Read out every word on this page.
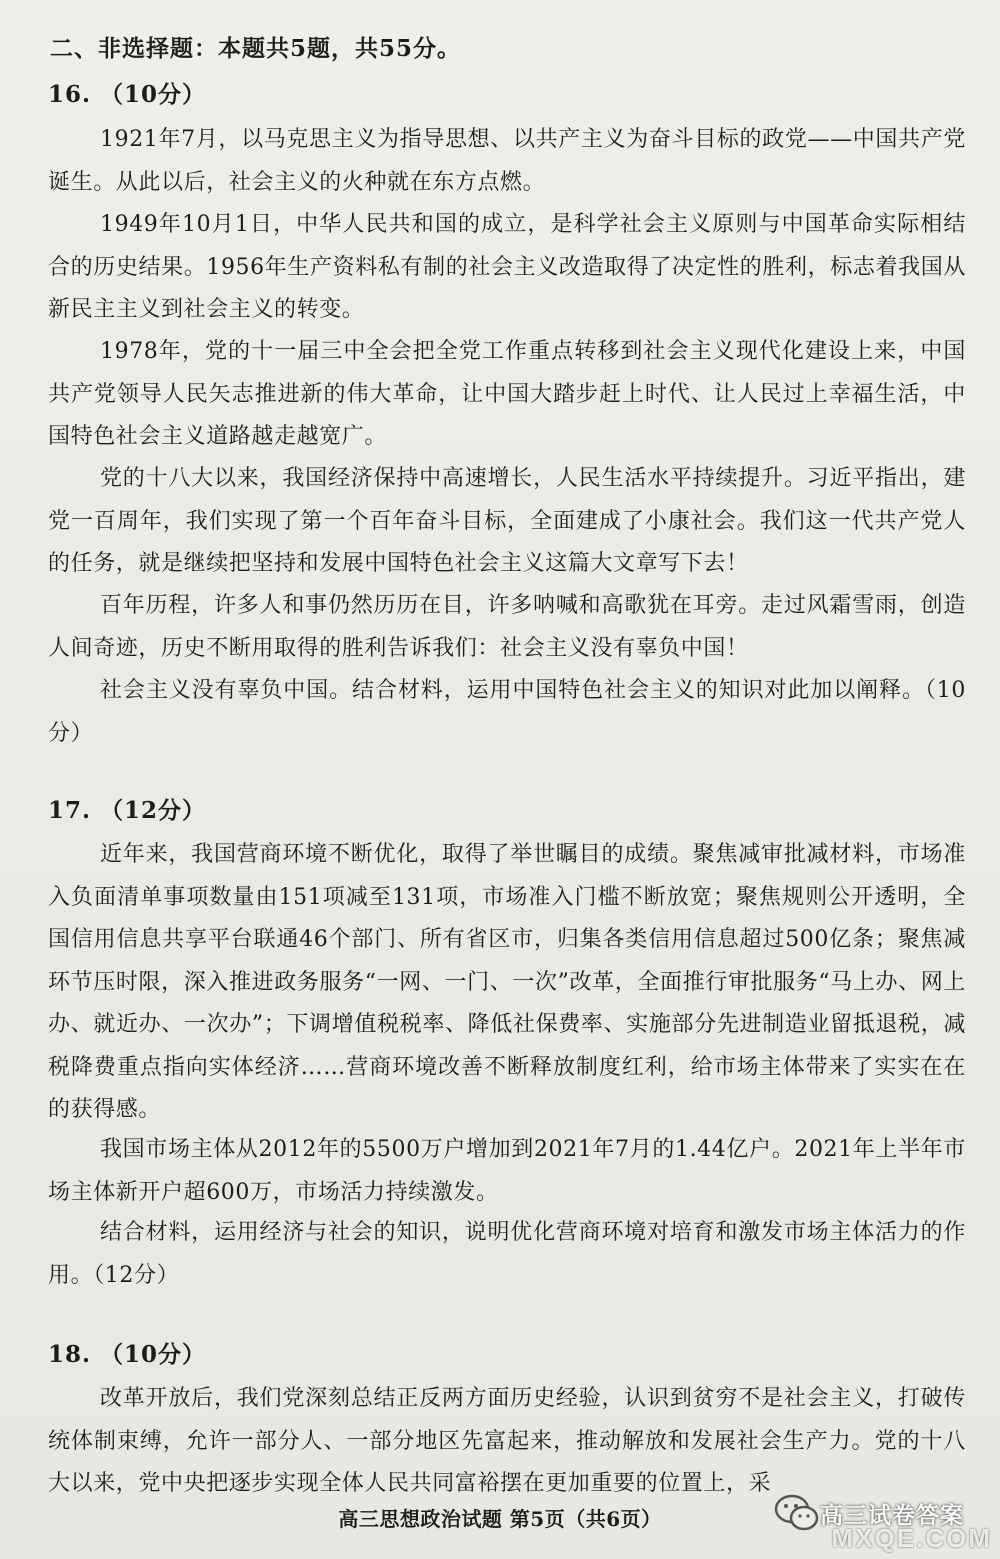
二、非选择题：本题共5题，共55分。
16. （10分）

1921年7月，以马克思主义为指导思想、以共产主义为奋斗目标的政党——中国共产党诞生。从此以后，社会主义的火种就在东方点燃。

1949年10月1日，中华人民共和国的成立，是科学社会主义原则与中国革命实际相结合的历史结果。1956年生产资料私有制的社会主义改造取得了决定性的胜利，标志着我国从新民主主义到社会主义的转变。

1978年，党的十一届三中全会把全党工作重点转移到社会主义现代化建设上来，中国共产党领导人民矢志推进新的伟大革命，让中国大踏步赶上时代、让人民过上幸福生活，中国特色社会主义道路越走越宽广。

党的十八大以来，我国经济保持中高速增长，人民生活水平持续提升。习近平指出，建党一百周年，我们实现了第一个百年奋斗目标，全面建成了小康社会。我们这一代共产党人的任务，就是继续把坚持和发展中国特色社会主义这篇大文章写下去！

百年历程，许多人和事仍然历历在目，许多呐喊和高歌犹在耳旁。走过风霜雪雨，创造人间奇迹，历史不断用取得的胜利告诉我们：社会主义没有辜负中国！

社会主义没有辜负中国。结合材料，运用中国特色社会主义的知识对此加以阐释。（10分）

17. （12分）

近年来，我国营商环境不断优化，取得了举世瞩目的成绩。聚焦减审批减材料，市场准入负面清单事项数量由151项减至131项，市场准入门槛不断放宽；聚焦规则公开透明，全国信用信息共享平台联通46个部门、所有省区市，归集各类信用信息超过500亿条；聚焦减环节压时限，深入推进政务服务“一网、一门、一次”改革，全面推行审批服务“马上办、网上办、就近办、一次办”；下调增值税税率、降低社保费率、实施部分先进制造业留抵退税，减税降费重点指向实体经济……营商环境改善不断释放制度红利，给市场主体带来了实实在在的获得感。

我国市场主体从2012年的5500万户增加到2021年7月的1.44亿户。2021年上半年市场主体新开户超600万，市场活力持续激发。

结合材料，运用经济与社会的知识，说明优化营商环境对培育和激发市场主体活力的作用。（12分）

18. （10分）

改革开放后，我们党深刻总结正反两方面历史经验，认识到贫穷不是社会主义，打破传统体制束缚，允许一部分人、一部分地区先富起来，推动解放和发展社会生产力。党的十八大以来，党中央把逐步实现全体人民共同富裕摆在更加重要的位置上，采

高三思想政治试题 第5页（共6页）	高三试卷答案
MXQE.COM
